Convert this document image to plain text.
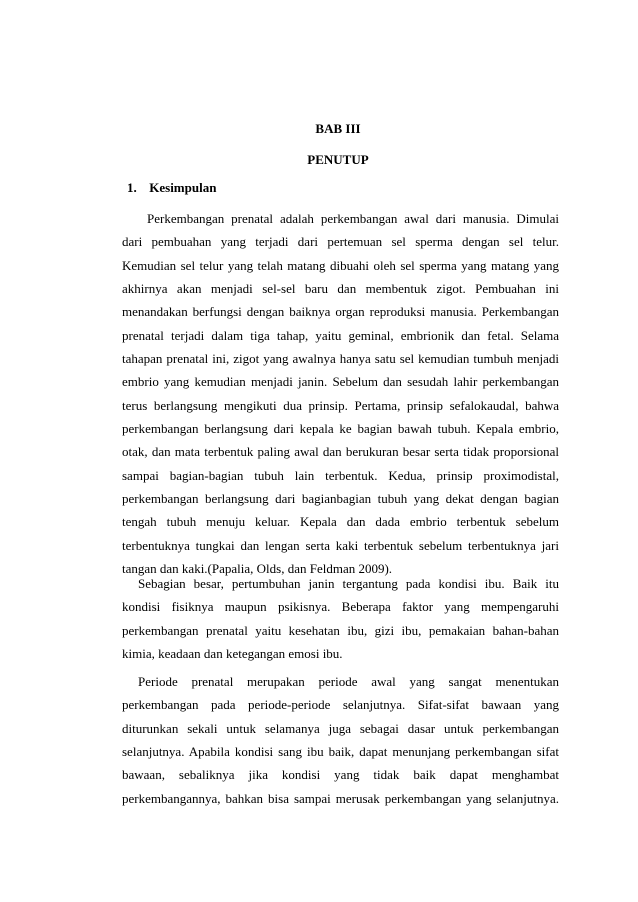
BAB III
PENUTUP
1. Kesimpulan
Perkembangan prenatal adalah perkembangan awal dari manusia. Dimulai
dari pembuahan yang terjadi dari pertemuan sel sperma dengan sel telur.
Kemudian sel telur yang telah matang dibuahi oleh sel sperma yang matang yang
akhirnya akan menjadi sel-sel baru dan membentuk zigot. Pembuahan ini
menandakan berfungsi dengan baiknya organ reproduksi manusia. Perkembangan
prenatal terjadi dalam tiga tahap, yaitu geminal, embrionik dan fetal. Selama
tahapan prenatal ini, zigot yang awalnya hanya satu sel kemudian tumbuh menjadi
embrio yang kemudian menjadi janin. Sebelum dan sesudah lahir perkembangan
terus berlangsung mengikuti dua prinsip. Pertama, prinsip sefalokaudal, bahwa
perkembangan berlangsung dari kepala ke bagian bawah tubuh. Kepala embrio,
otak, dan mata terbentuk paling awal dan berukuran besar serta tidak proporsional
sampai bagian-bagian tubuh lain terbentuk. Kedua, prinsip proximodistal,
perkembangan berlangsung dari bagianbagian tubuh yang dekat dengan bagian
tengah tubuh menuju keluar. Kepala dan dada embrio terbentuk sebelum
terbentuknya tungkai dan lengan serta kaki terbentuk sebelum terbentuknya jari
tangan dan kaki.(Papalia, Olds, dan Feldman 2009).
Sebagian besar, pertumbuhan janin tergantung pada kondisi ibu. Baik itu
kondisi fisiknya maupun psikisnya. Beberapa faktor yang mempengaruhi
perkembangan prenatal yaitu kesehatan ibu, gizi ibu, pemakaian bahan-bahan
kimia, keadaan dan ketegangan emosi ibu.
Periode prenatal merupakan periode awal yang sangat menentukan
perkembangan pada periode-periode selanjutnya. Sifat-sifat bawaan yang
diturunkan sekali untuk selamanya juga sebagai dasar untuk perkembangan
selanjutnya. Apabila kondisi sang ibu baik, dapat menunjang perkembangan sifat
bawaan, sebaliknya jika kondisi yang tidak baik dapat menghambat
perkembangannya, bahkan bisa sampai merusak perkembangan yang selanjutnya.
